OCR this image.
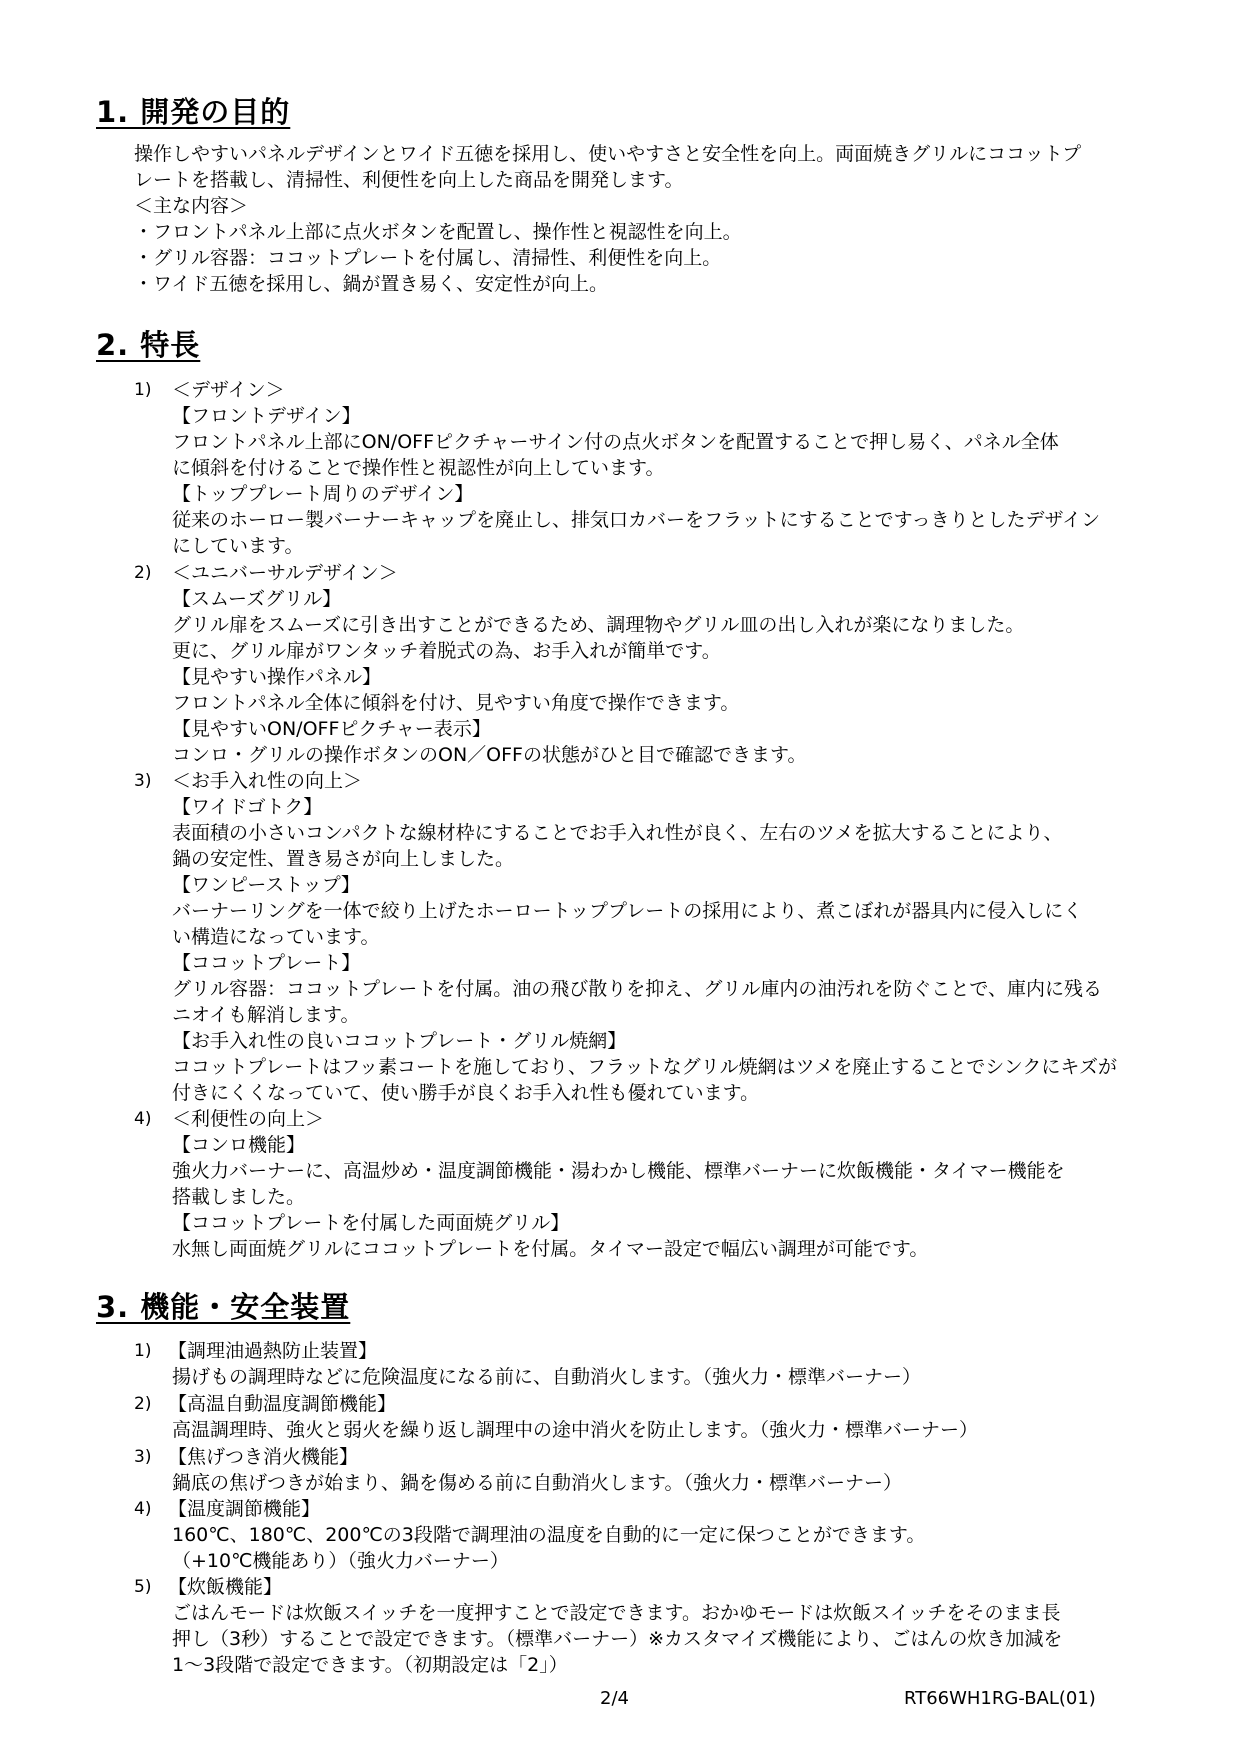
1. 開発の目的
操作しやすいパネルデザインとワイド五徳を採用し、使いやすさと安全性を向上。両面焼きグリルにココットプ
レートを搭載し、清掃性、利便性を向上した商品を開発します。
＜主な内容＞
・フロントパネル上部に点火ボタンを配置し、操作性と視認性を向上。
・グリル容器：ココットプレートを付属し、清掃性、利便性を向上。
・ワイド五徳を採用し、鍋が置き易く、安定性が向上。
2. 特長
1)
2)
3)
4)
＜デザイン＞
【フロントデザイン】
フロントパネル上部にON/OFFピクチャーサイン付の点火ボタンを配置することで押し易く、パネル全体
に傾斜を付けることで操作性と視認性が向上しています。
【トッププレート周りのデザイン】
従来のホーロー製バーナーキャップを廃止し、排気口カバーをフラットにすることですっきりとしたデザイン
にしています。
＜ユニバーサルデザイン＞
【スムーズグリル】
グリル扉をスムーズに引き出すことができるため、調理物やグリル皿の出し入れが楽になりました。
更に、グリル扉がワンタッチ着脱式の為、お手入れが簡単です。
【見やすい操作パネル】
フロントパネル全体に傾斜を付け、見やすい角度で操作できます。
【見やすいON/OFFピクチャー表示】
コンロ・グリルの操作ボタンのON／OFFの状態がひと目で確認できます。
＜お手入れ性の向上＞
【ワイドゴトク】
表面積の小さいコンパクトな線材枠にすることでお手入れ性が良く、左右のツメを拡大することにより、
鍋の安定性、置き易さが向上しました。
【ワンピーストップ】
バーナーリングを一体で絞り上げたホーロートッププレートの採用により、煮こぼれが器具内に侵入しにく
い構造になっています。
【ココットプレート】
グリル容器：ココットプレートを付属。油の飛び散りを抑え、グリル庫内の油汚れを防ぐことで、庫内に残る
ニオイも解消します。
【お手入れ性の良いココットプレート・グリル焼網】
ココットプレートはフッ素コートを施しており、フラットなグリル焼網はツメを廃止することでシンクにキズが
付きにくくなっていて、使い勝手が良くお手入れ性も優れています。
＜利便性の向上＞
【コンロ機能】
強火力バーナーに、高温炒め・温度調節機能・湯わかし機能、標準バーナーに炊飯機能・タイマー機能を
搭載しました。
【ココットプレートを付属した両面焼グリル】
水無し両面焼グリルにココットプレートを付属。タイマー設定で幅広い調理が可能です。
3. 機能・安全装置
1)
2)
3)
4)
5)
【調理油過熱防止装置】
揚げもの調理時などに危険温度になる前に、自動消火します。（強火力・標準バーナー）
【高温自動温度調節機能】
高温調理時、強火と弱火を繰り返し調理中の途中消火を防止します。（強火力・標準バーナー）
【焦げつき消火機能】
鍋底の焦げつきが始まり、鍋を傷める前に自動消火します。（強火力・標準バーナー）
【温度調節機能】
160℃、180℃、200℃の3段階で調理油の温度を自動的に一定に保つことができます。
（+10℃機能あり）（強火力バーナー）
【炊飯機能】
ごはんモードは炊飯スイッチを一度押すことで設定できます。おかゆモードは炊飯スイッチをそのまま長
押し（3秒）することで設定できます。（標準バーナー）※カスタマイズ機能により、ごはんの炊き加減を
1～3段階で設定できます。（初期設定は「2」）
2/4	RT66WH1RG-BAL(01)
